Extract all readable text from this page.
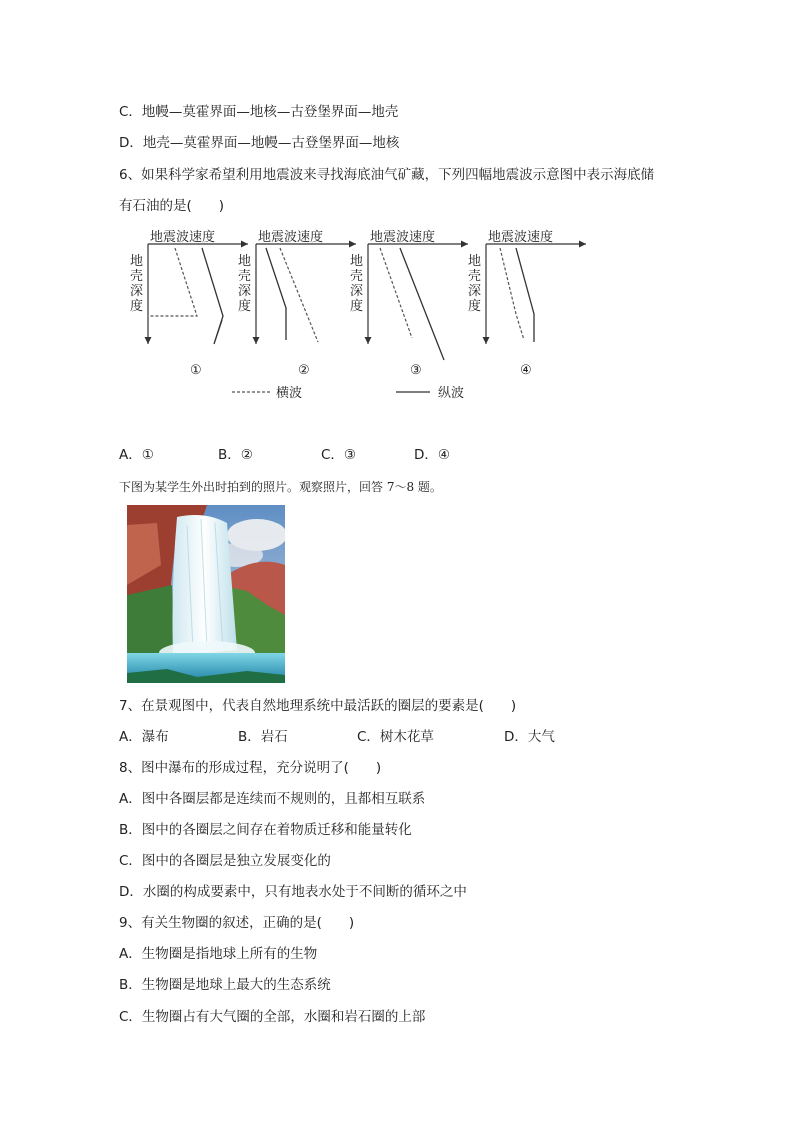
C．地幔—莫霍界面—地核—古登堡界面—地壳
D．地壳—莫霍界面—地幔—古登堡界面—地核
6、如果科学家希望利用地震波来寻找海底油气矿藏，下列四幅地震波示意图中表示海底储
有石油的是(　　)
地震波速度
地
壳
深
度
①
地震波速度
地
壳
深
度
②
地震波速度
地
壳
深
度
③
地震波速度
地
壳
深
度
④
横波	纵波
A．①	B．②	C．③	D．④
下图为某学生外出时拍到的照片。观察照片，回答 7～8 题。
7、在景观图中，代表自然地理系统中最活跃的圈层的要素是(　　)
A．瀑布	B．岩石	C．树木花草	D．大气
8、图中瀑布的形成过程，充分说明了(　　)
A．图中各圈层都是连续而不规则的，且都相互联系
B．图中的各圈层之间存在着物质迁移和能量转化
C．图中的各圈层是独立发展变化的
D．水圈的构成要素中，只有地表水处于不间断的循环之中
9、有关生物圈的叙述，正确的是(　　)
A．生物圈是指地球上所有的生物
B．生物圈是地球上最大的生态系统
C．生物圈占有大气圈的全部，水圈和岩石圈的上部
